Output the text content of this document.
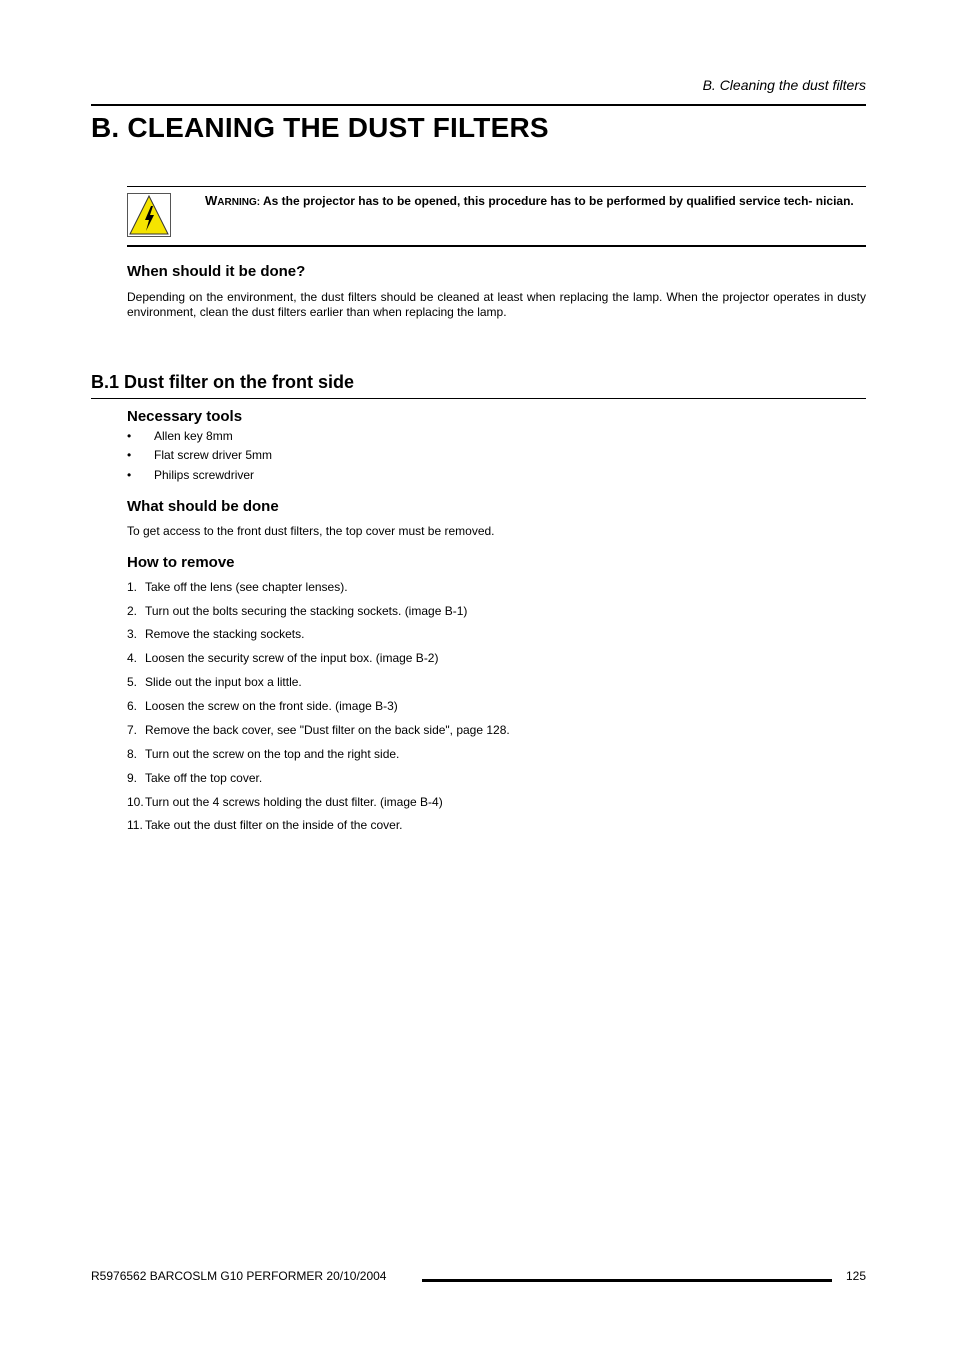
B. Cleaning the dust filters
B. CLEANING THE DUST FILTERS
WARNING: As the projector has to be opened, this procedure has to be performed by qualified service tech- nician.
When should it be done?

Depending on the environment, the dust filters should be cleaned at least when replacing the lamp. When the projector operates in dusty environment, clean the dust filters earlier than when replacing the lamp.

B.1 Dust filter on the front side
Necessary tools
• Allen key 8mm
• Flat screw driver 5mm
• Philips screwdriver
What should be done

To get access to the front dust filters, the top cover must be removed.

How to remove
1. Take off the lens (see chapter lenses).
2. Turn out the bolts securing the stacking sockets. (image B-1)
3. Remove the stacking sockets.
4. Loosen the security screw of the input box. (image B-2)
5. Slide out the input box a little.
6. Loosen the screw on the front side. (image B-3)
7. Remove the back cover, see "Dust filter on the back side", page 128.
8. Turn out the screw on the top and the right side.
9. Take off the top cover.
10.Turn out the 4 screws holding the dust filter. (image B-4)
11. Take out the dust filter on the inside of the cover.
R5976562 BARCOSLM G10 PERFORMER 20/10/2004	125
